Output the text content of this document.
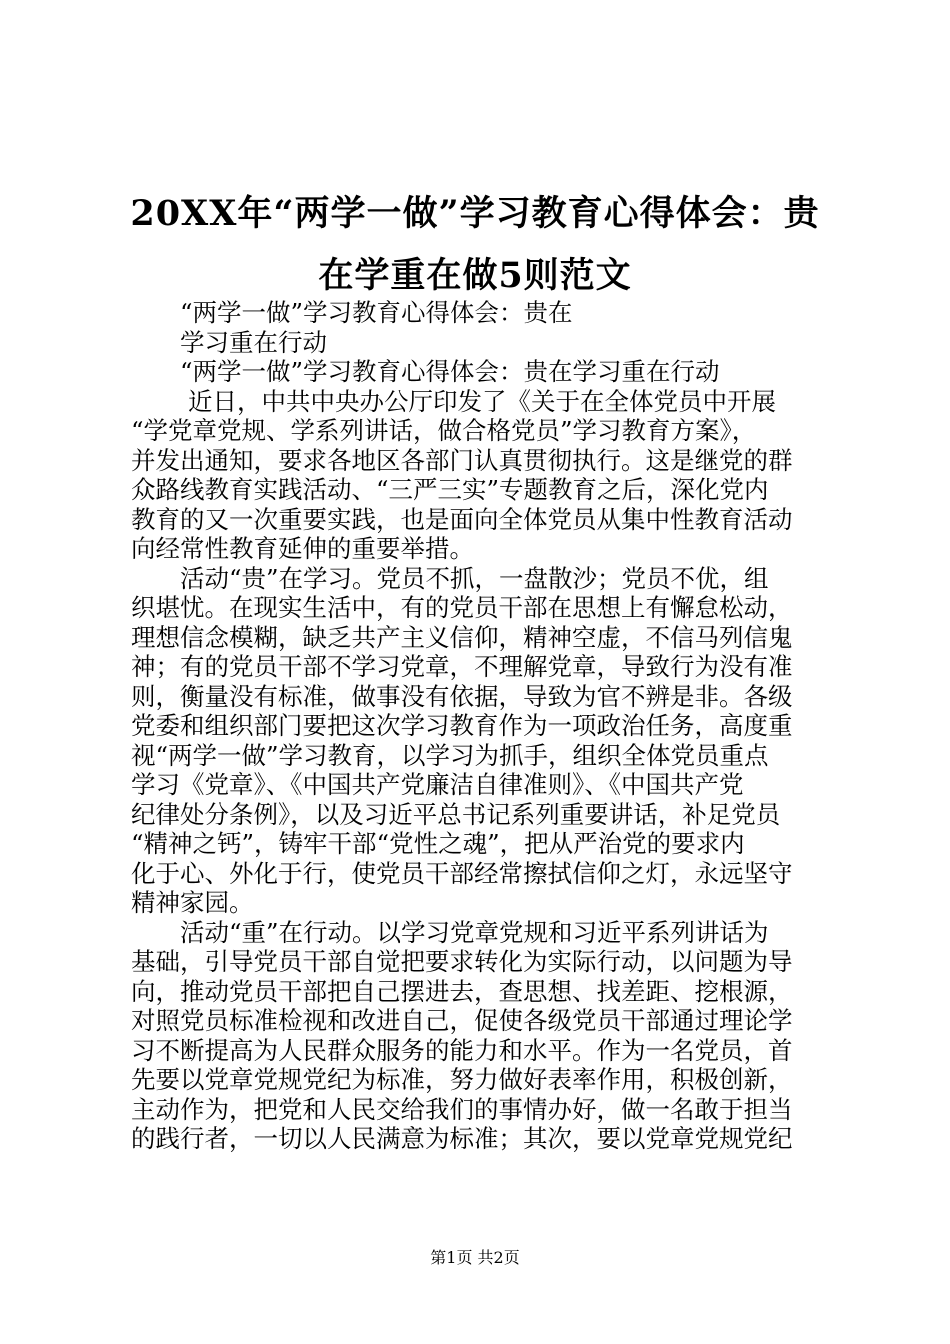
20XX年“两学一做”学习教育心得体会：贵
在学重在做5则范文
“两学一做”学习教育心得体会：贵在
学习重在行动
“两学一做”学习教育心得体会：贵在学习重在行动
近日，中共中央办公厅印发了《关于在全体党员中开展
“学党章党规、学系列讲话，做合格党员”学习教育方案》，
并发出通知，要求各地区各部门认真贯彻执行。这是继党的群
众路线教育实践活动、“三严三实”专题教育之后，深化党内
教育的又一次重要实践，也是面向全体党员从集中性教育活动
向经常性教育延伸的重要举措。
活动“贵”在学习。党员不抓，一盘散沙；党员不优，组
织堪忧。在现实生活中，有的党员干部在思想上有懈怠松动，
理想信念模糊，缺乏共产主义信仰，精神空虚，不信马列信鬼
神；有的党员干部不学习党章，不理解党章，导致行为没有准
则，衡量没有标准，做事没有依据，导致为官不辨是非。各级
党委和组织部门要把这次学习教育作为一项政治任务，高度重
视“两学一做”学习教育，以学习为抓手，组织全体党员重点
学习《党章》、《中国共产党廉洁自律准则》、《中国共产党
纪律处分条例》，以及习近平总书记系列重要讲话，补足党员
“精神之钙”，铸牢干部“党性之魂”，把从严治党的要求内
化于心、外化于行，使党员干部经常擦拭信仰之灯，永远坚守
精神家园。
活动“重”在行动。以学习党章党规和习近平系列讲话为
基础，引导党员干部自觉把要求转化为实际行动，以问题为导
向，推动党员干部把自己摆进去，查思想、找差距、挖根源，
对照党员标准检视和改进自己，促使各级党员干部通过理论学
习不断提高为人民群众服务的能力和水平。作为一名党员，首
先要以党章党规党纪为标准，努力做好表率作用，积极创新，
主动作为，把党和人民交给我们的事情办好，做一名敢于担当
的践行者，一切以人民满意为标准；其次，要以党章党规党纪
第1页 共2页
